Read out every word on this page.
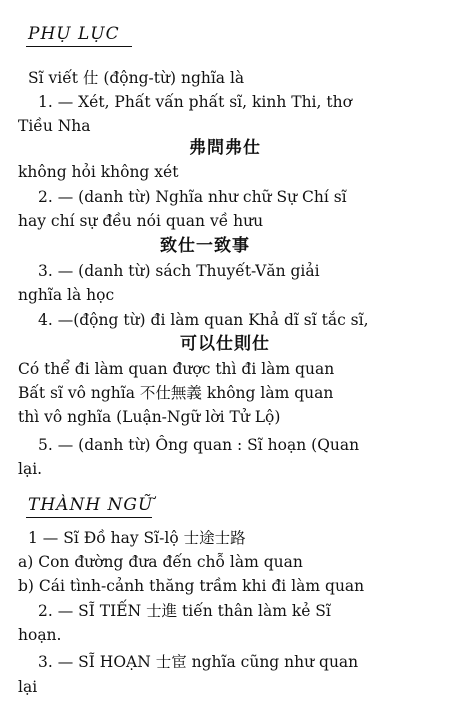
PHỤ LỤC
Sĩ viết 仕 (động-từ) nghĩa là
1. — Xét, Phất vấn phất sĩ, kinh Thi, thơ
Tiều Nha
弗問弗仕
không hỏi không xét
2. — (danh từ) Nghĩa như chữ Sự Chí sĩ
hay chí sự đều nói quan về hưu
致仕一致事
3. — (danh từ) sách Thuyết-Văn giải
nghĩa là học
4. —(động từ) đi làm quan Khả dĩ sĩ tắc sĩ,
可以仕則仕
Có thể đi làm quan được thì đi làm quan
Bất sĩ vô nghĩa 不仕無義 không làm quan
thì vô nghĩa (Luận-Ngữ lời Tử Lộ)
5. — (danh từ) Ông quan : Sĩ hoạn (Quan
lại.
THÀNH NGỮ
1 — Sĩ Đồ hay Sĩ-lộ 士途士路
a) Con đường đưa đến chỗ làm quan
b) Cái tình-cảnh thăng trầm khi đi làm quan
2. — SĨ TIẾN 士進 tiến thân làm kẻ Sĩ
hoạn.
3. — SĨ HOẠN 士宦 nghĩa cũng như quan
lại
